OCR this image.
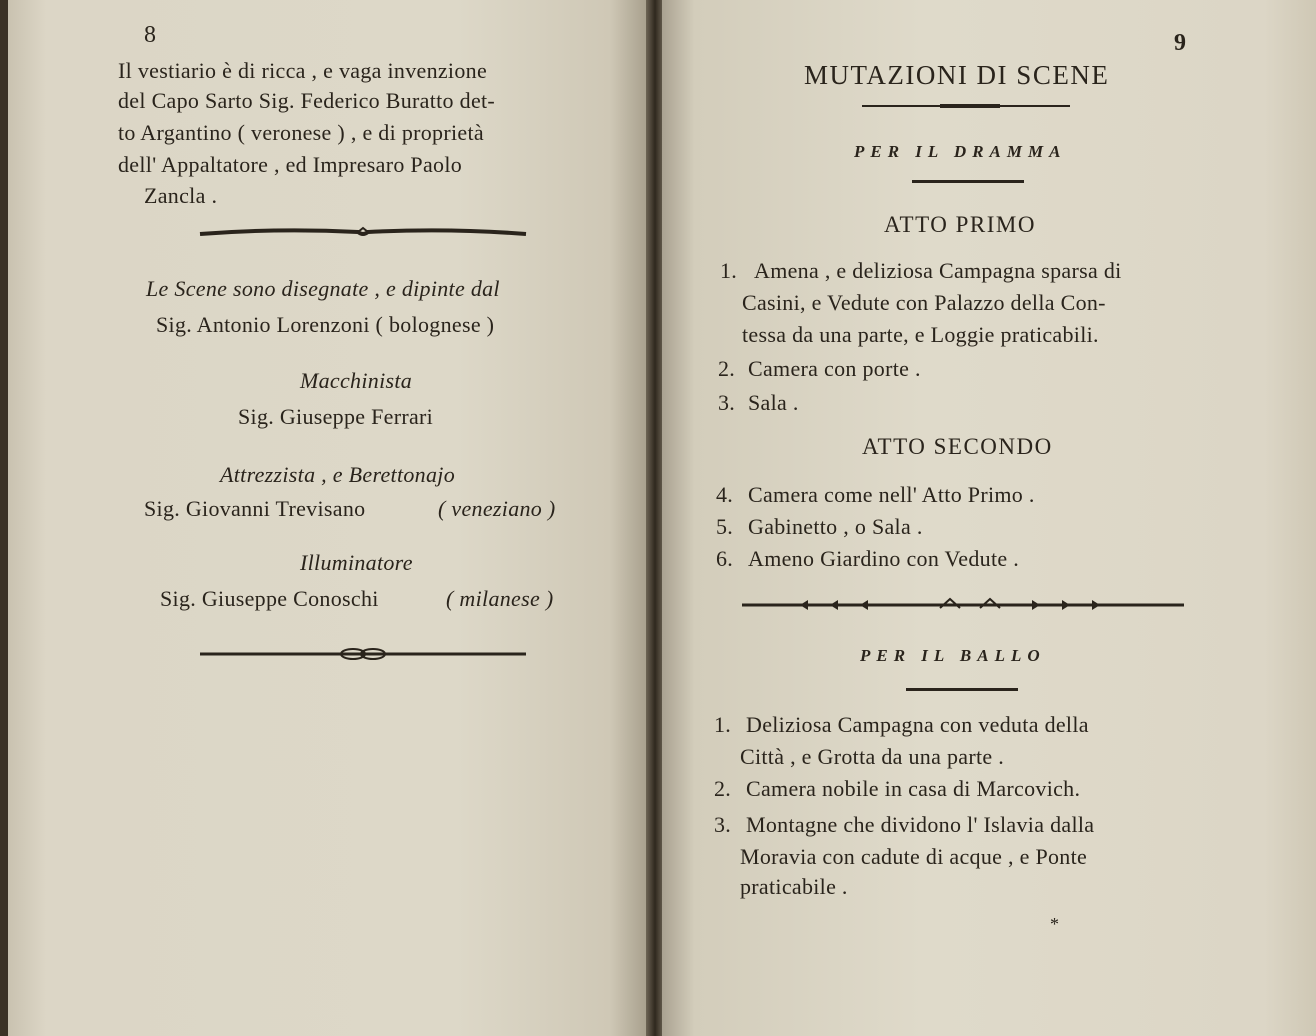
8

Il vestiario è di ricca , e vaga invenzione

del Capo Sarto Sig. Federico Buratto det-

to Argantino ( veronese ) , e di proprietà

dell' Appaltatore , ed Impresaro Paolo

Zancla .

Le Scene sono disegnate , e dipinte dal

Sig. Antonio Lorenzoni ( bolognese )

Macchinista

Sig. Giuseppe Ferrari

Attrezzista , e Berettonajo

Sig. Giovanni Trevisano	( veneziano )

Illuminatore

Sig. Giuseppe Conoschi	( milanese )

9

MUTAZIONI DI SCENE

PER IL DRAMMA

ATTO PRIMO

1. Amena , e deliziosa Campagna sparsa di

Casini, e Vedute con Palazzo della Con-

tessa da una parte, e Loggie praticabili.

2. Camera con porte .

3. Sala .

ATTO SECONDO

4. Camera come nell' Atto Primo .

5. Gabinetto , o Sala .

6. Ameno Giardino con Vedute .

PER IL BALLO

1. Deliziosa Campagna con veduta della

Città , e Grotta da una parte .

2. Camera nobile in casa di Marcovich.

3. Montagne che dividono l' Islavia dalla

Moravia con cadute di acque , e Ponte

praticabile .

*
